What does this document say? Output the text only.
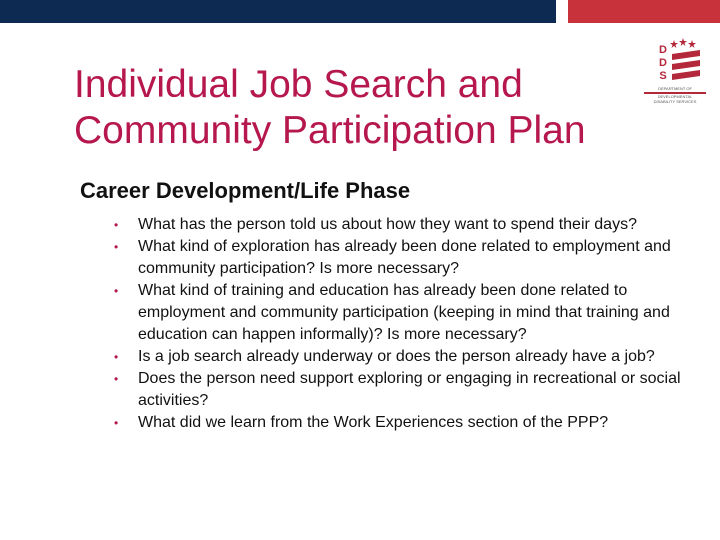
Individual Job Search and
Community Participation Plan
D
D
S
DEPARTMENT OF
DEVELOPMENTAL
DISABILITY SERVICES
Career Development/Life Phase
• What has the person told us about how they want to spend their days?
• What kind of exploration has already been done related to employment and community participation? Is more necessary?
• What kind of training and education has already been done related to employment and community participation (keeping in mind that training and education can happen informally)? Is more necessary?
• Is a job search already underway or does the person already have a job?
• Does the person need support exploring or engaging in recreational or social activities?
• What did we learn from the Work Experiences section of the PPP?
